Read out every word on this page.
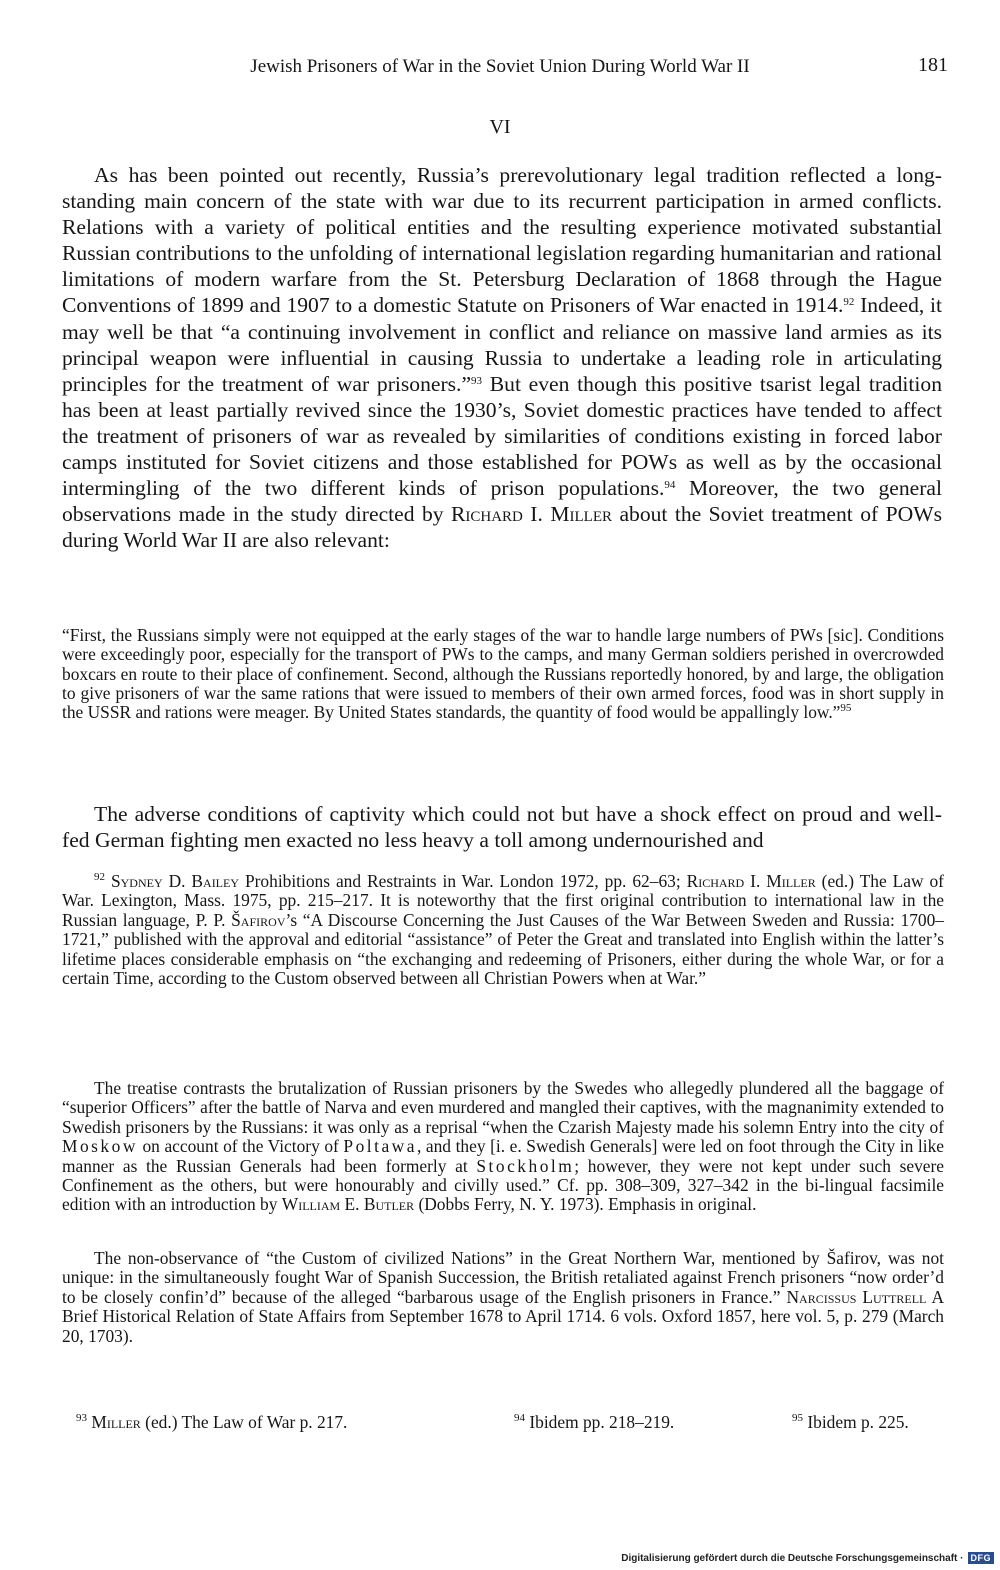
Jewish Prisoners of War in the Soviet Union During World War II	181
VI

As has been pointed out recently, Russia’s prerevolutionary legal tradition reflected a long-standing main concern of the state with war due to its recurrent participation in armed conflicts. Relations with a variety of political entities and the resulting experience motivated substantial Russian contributions to the unfolding of international legislation regarding humanitarian and rational limitations of modern warfare from the St. Petersburg Declaration of 1868 through the Hague Conventions of 1899 and 1907 to a domestic Statute on Prisoners of War enacted in 1914.92 Indeed, it may well be that “a continuing involvement in conflict and reliance on massive land armies as its principal weapon were influential in causing Russia to undertake a leading role in articulating principles for the treatment of war prisoners.”$^{93}$ But even though this positive tsarist legal tradition has been at least partially revived since the 1930’s, Soviet domestic practices have tended to affect the treatment of prisoners of war as revealed by similarities of conditions existing in forced labor camps instituted for Soviet citizens and those established for POWs as well as by the occasional intermingling of the two different kinds of prison populations.$^{94}$ Moreover, the two general observations made in the study directed by Richard I. Miller about the Soviet treatment of POWs during World War II are also relevant:

“First, the Russians simply were not equipped at the early stages of the war to handle large numbers of PWs [sic]. Conditions were exceedingly poor, especially for the transport of PWs to the camps, and many German soldiers perished in overcrowded boxcars en route to their place of confinement. Second, although the Russians reportedly honored, by and large, the obligation to give prisoners of war the same rations that were issued to members of their own armed forces, food was in short supply in the USSR and rations were meager. By United States standards, the quantity of food would be appallingly low.”$^{95}$

The adverse conditions of captivity which could not but have a shock effect on proud and well-fed German fighting men exacted no less heavy a toll among undernourished and

$^{92}$ Sydney D. Bailey Prohibitions and Restraints in War. London 1972, pp. 62–63; Richard I. Miller (ed.) The Law of War. Lexington, Mass. 1975, pp. 215–217. It is noteworthy that the first original contribution to international law in the Russian language, P. P. Šafirov’s “A Discourse Concerning the Just Causes of the War Between Sweden and Russia: 1700–1721,” published with the approval and editorial “assistance” of Peter the Great and translated into English within the latter’s lifetime places considerable emphasis on “the exchanging and redeeming of Prisoners, either during the whole War, or for a certain Time, according to the Custom observed between all Christian Powers when at War.”

The treatise contrasts the brutalization of Russian prisoners by the Swedes who allegedly plundered all the baggage of “superior Officers” after the battle of Narva and even murdered and mangled their captives, with the magnanimity extended to Swedish prisoners by the Russians: it was only as a reprisal “when the Czarish Majesty made his solemn Entry into the city of Moskow on account of the Victory of Poltawa, and they [i. e. Swedish Generals] were led on foot through the City in like manner as the Russian Generals had been formerly at Stockholm; however, they were not kept under such severe Confinement as the others, but were honourably and civilly used.” Cf. pp. 308–309, 327–342 in the bi-lingual facsimile edition with an introduction by William E. Butler (Dobbs Ferry, N. Y. 1973). Emphasis in original.

The non-observance of “the Custom of civilized Nations” in the Great Northern War, mentioned by Šafirov, was not unique: in the simultaneously fought War of Spanish Succession, the British retaliated against French prisoners “now order’d to be closely confin’d” because of the alleged “barbarous usage of the English prisoners in France.” Narcissus Luttrell A Brief Historical Relation of State Affairs from September 1678 to April 1714. 6 vols. Oxford 1857, here vol. 5, p. 279 (March 20, 1703).

$^{93}$ Miller (ed.) The Law of War p. 217.	$^{94}$ Ibidem pp. 218–219.	$^{95}$ Ibidem p. 225.
Digitalisierung gefördert durch die Deutsche Forschungsgemeinschaft · DFG
